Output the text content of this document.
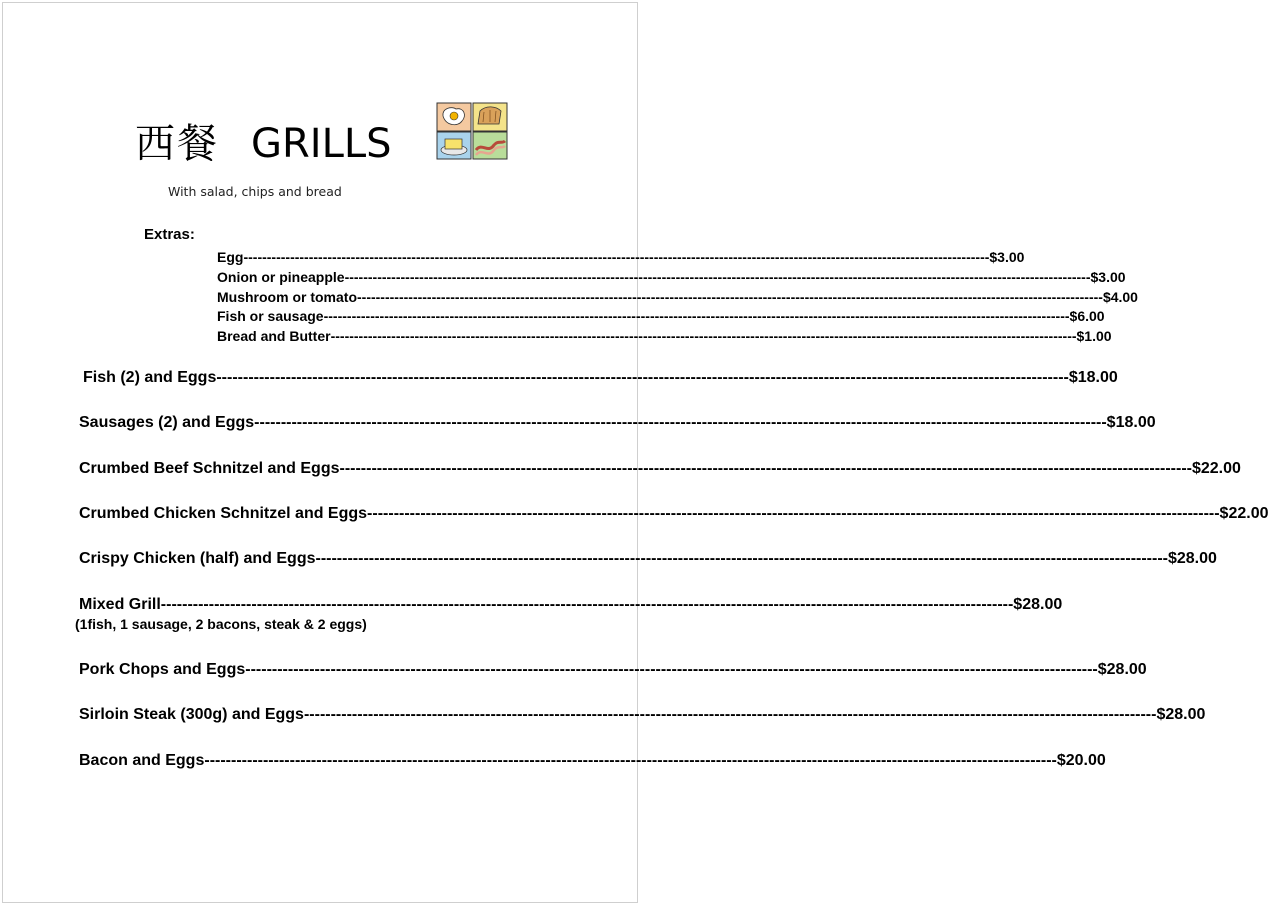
西餐 GRILLS
With salad, chips and bread
Extras:
Egg ---------------------------------------------------------------------------------------------------------------------------------------------------------------- $3.00
Onion or pineapple ---------------------------------------------------------------------------------------------------------------------------------------------------------------- $3.00
Mushroom or tomato ---------------------------------------------------------------------------------------------------------------------------------------------------------------- $4.00
Fish or sausage ---------------------------------------------------------------------------------------------------------------------------------------------------------------- $6.00
Bread and Butter ---------------------------------------------------------------------------------------------------------------------------------------------------------------- $1.00
Fish (2) and Eggs ---------------------------------------------------------------------------------------------------------------------------------------------------------------- $18.00
Sausages (2) and Eggs ---------------------------------------------------------------------------------------------------------------------------------------------------------------- $18.00
Crumbed Beef Schnitzel and Eggs ---------------------------------------------------------------------------------------------------------------------------------------------------------------- $22.00
Crumbed Chicken Schnitzel and Eggs ---------------------------------------------------------------------------------------------------------------------------------------------------------------- $22.00
Crispy Chicken (half) and Eggs ---------------------------------------------------------------------------------------------------------------------------------------------------------------- $28.00
Mixed Grill ---------------------------------------------------------------------------------------------------------------------------------------------------------------- $28.00
(1fish, 1 sausage, 2 bacons, steak & 2 eggs)
Pork Chops and Eggs ---------------------------------------------------------------------------------------------------------------------------------------------------------------- $28.00
Sirloin Steak (300g) and Eggs ---------------------------------------------------------------------------------------------------------------------------------------------------------------- $28.00
Bacon and Eggs ---------------------------------------------------------------------------------------------------------------------------------------------------------------- $20.00
